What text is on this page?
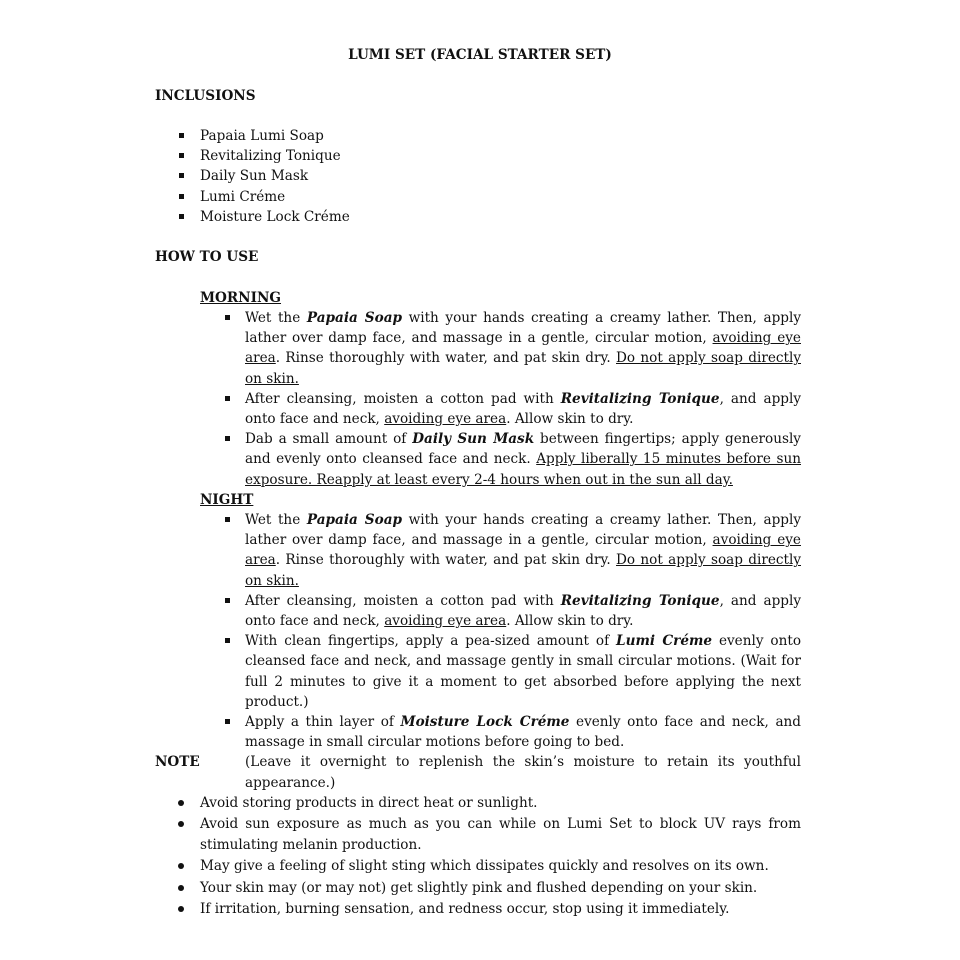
LUMI SET (FACIAL STARTER SET)
INCLUSIONS
Papaia Lumi Soap
Revitalizing Tonique
Daily Sun Mask
Lumi Créme
Moisture Lock Créme
HOW TO USE
MORNING
Wet the Papaia Soap with your hands creating a creamy lather. Then, apply lather over damp face, and massage in a gentle, circular motion, avoiding eye area. Rinse thoroughly with water, and pat skin dry. Do not apply soap directly on skin.
After cleansing, moisten a cotton pad with Revitalizing Tonique, and apply onto face and neck, avoiding eye area. Allow skin to dry.
Dab a small amount of Daily Sun Mask between fingertips; apply generously and evenly onto cleansed face and neck. Apply liberally 15 minutes before sun exposure. Reapply at least every 2-4 hours when out in the sun all day.
NIGHT
Wet the Papaia Soap with your hands creating a creamy lather. Then, apply lather over damp face, and massage in a gentle, circular motion, avoiding eye area. Rinse thoroughly with water, and pat skin dry. Do not apply soap directly on skin.
After cleansing, moisten a cotton pad with Revitalizing Tonique, and apply onto face and neck, avoiding eye area. Allow skin to dry.
With clean fingertips, apply a pea-sized amount of Lumi Créme evenly onto cleansed face and neck, and massage gently in small circular motions. (Wait for full 2 minutes to give it a moment to get absorbed before applying the next product.)
Apply a thin layer of Moisture Lock Créme evenly onto face and neck, and massage in small circular motions before going to bed.
(Leave it overnight to replenish the skin’s moisture to retain its youthful appearance.)
NOTE
Avoid storing products in direct heat or sunlight.
Avoid sun exposure as much as you can while on Lumi Set to block UV rays from stimulating melanin production.
May give a feeling of slight sting which dissipates quickly and resolves on its own.
Your skin may (or may not) get slightly pink and flushed depending on your skin.
If irritation, burning sensation, and redness occur, stop using it immediately.
